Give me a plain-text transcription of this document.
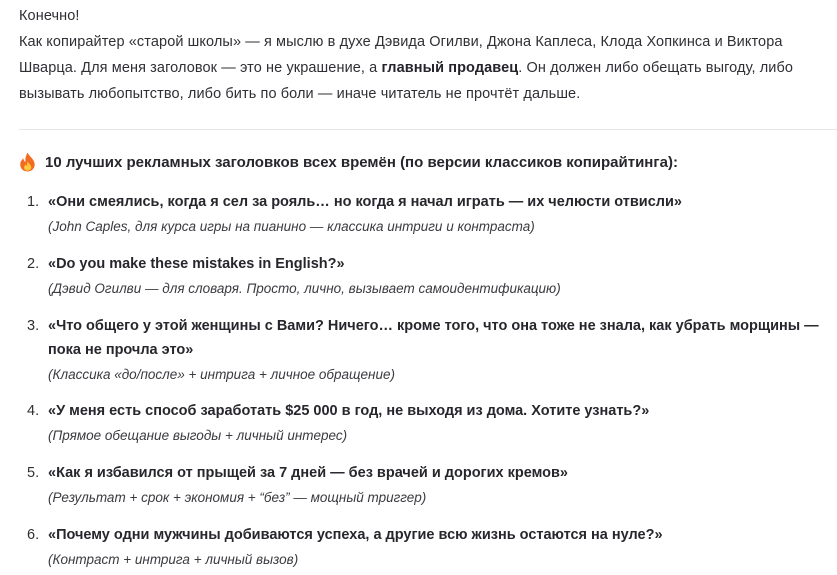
Конечно!

Как копирайтер «старой школы» — я мыслю в духе Дэвида Огилви, Джона Каплеса, Клода Хопкинса и Виктора Шварца. Для меня заголовок — это не украшение, а главный продавец. Он должен либо обещать выгоду, либо вызывать любопытство, либо бить по боли — иначе читатель не прочтёт дальше.

10 лучших рекламных заголовков всех времён (по версии классиков копирайтинга):
1. «Они смеялись, когда я сел за рояль… но когда я начал играть — их челюсти отвисли»
(John Caples, для курса игры на пианино — классика интриги и контраста)
2. «Do you make these mistakes in English?»
(Дэвид Огилви — для словаря. Просто, лично, вызывает самоидентификацию)
3. «Что общего у этой женщины с Вами? Ничего… кроме того, что она тоже не знала, как убрать морщины — пока не прочла это»
(Классика «до/после» + интрига + личное обращение)
4. «У меня есть способ заработать $25 000 в год, не выходя из дома. Хотите узнать?»
(Прямое обещание выгоды + личный интерес)
5. «Как я избавился от прыщей за 7 дней — без врачей и дорогих кремов»
(Результат + срок + экономия + “без” — мощный триггер)
6. «Почему одни мужчины добиваются успеха, а другие всю жизнь остаются на нуле?»
(Контраст + интрига + личный вызов)
